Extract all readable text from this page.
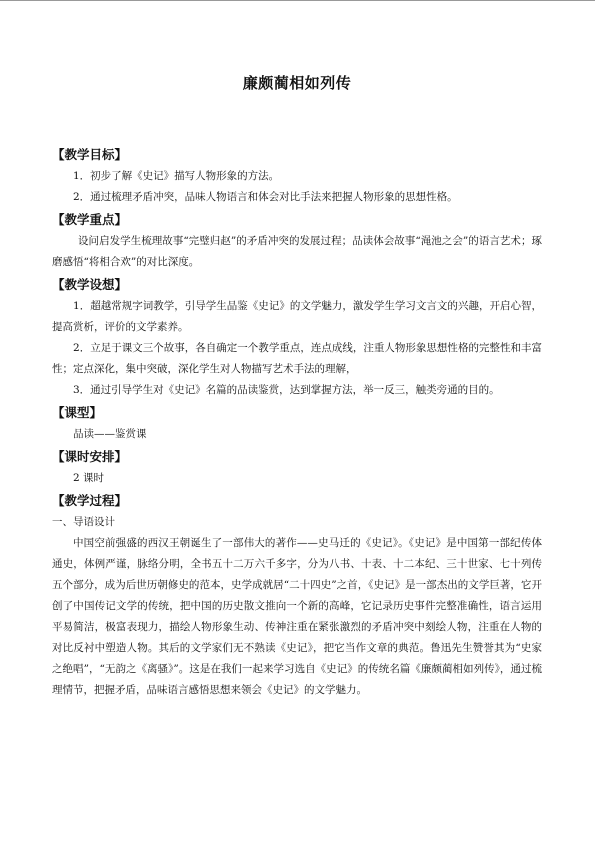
廉颇蔺相如列传
【教学目标】

1．初步了解《史记》描写人物形象的方法。

2．通过梳理矛盾冲突，品味人物语言和体会对比手法来把握人物形象的思想性格。

【教学重点】

设问启发学生梳理故事“完璧归赵”的矛盾冲突的发展过程；品读体会故事“渑池之会”的语言艺术；琢磨感悟“将相合欢”的对比深度。

【教学设想】

1．超越常规字词教学，引导学生品鉴《史记》的文学魅力，激发学生学习文言文的兴趣，开启心智，提高赏析，评价的文学素养。

2．立足于课文三个故事，各自确定一个教学重点，连点成线，注重人物形象思想性格的完整性和丰富性；定点深化，集中突破，深化学生对人物描写艺术手法的理解，

3．通过引导学生对《史记》名篇的品读鉴赏，达到掌握方法，举一反三，触类旁通的目的。

【课型】

品读——鉴赏课

【课时安排】

2 课时

【教学过程】

一、导语设计

中国空前强盛的西汉王朝诞生了一部伟大的著作——史马迁的《史记》。《史记》是中国第一部纪传体通史，体例严谨，脉络分明，全书五十二万六千多字，分为八书、十表、十二本纪、三十世家、七十列传五个部分，成为后世历朝修史的范本，史学成就居“二十四史”之首，《史记》是一部杰出的文学巨著，它开创了中国传记文学的传统，把中国的历史散文推向一个新的高峰，它记录历史事件完整准确性，语言运用平易简洁，极富表现力，描绘人物形象生动、传神注重在紧张激烈的矛盾冲突中刻绘人物，注重在人物的对比反衬中塑造人物。其后的文学家们无不熟读《史记》，把它当作文章的典范。鲁迅先生赞誉其为“史家之绝唱”，“无韵之《离骚》”。这是在我们一起来学习选自《史记》的传统名篇《廉颇蔺相如列传》，通过梳理情节，把握矛盾，品味语言感悟思想来领会《史记》的文学魅力。
